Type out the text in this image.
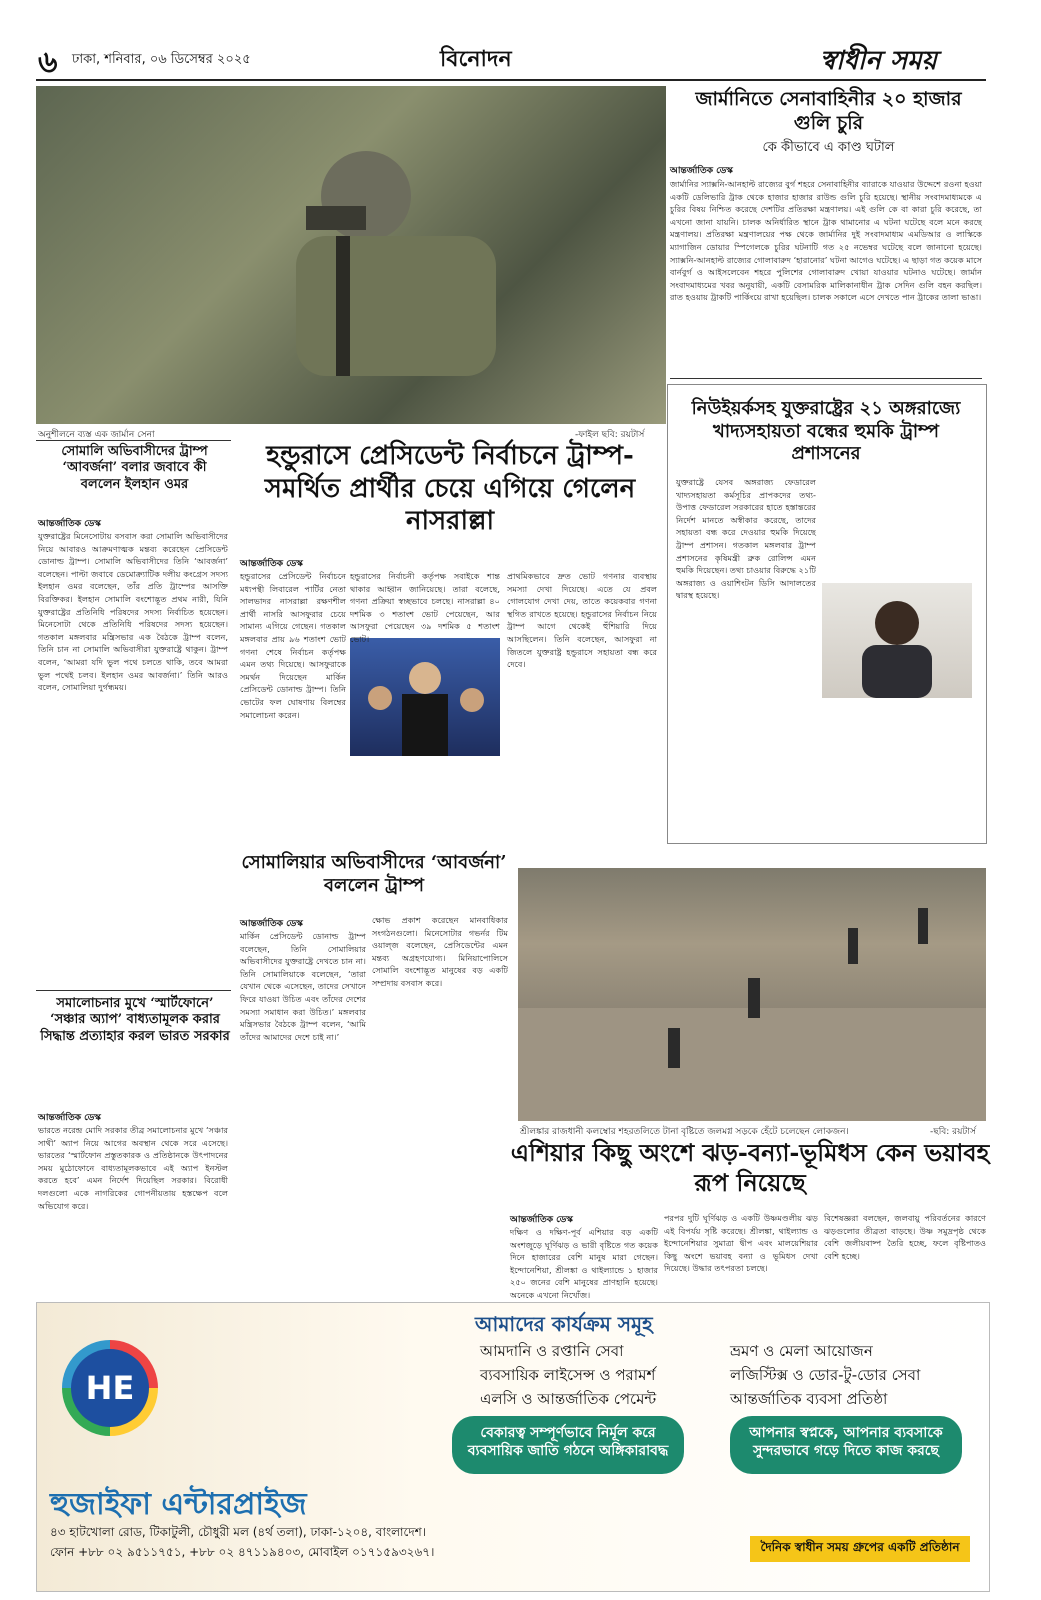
৬ ঢাকা, শনিবার, ০৬ ডিসেম্বর ২০২৫	বিনোদন	স্বাধীন সময়
অনুশীলনে ব্যস্ত এক জার্মান সেনা	-ফাইল ছবি: রয়টার্স
জার্মানিতে সেনাবাহিনীর ২০ হাজার গুলি চুরি
কে কীভাবে এ কাণ্ড ঘটাল
আন্তর্জাতিক ডেস্ক
জার্মানির স্যাক্সনি-আনহাল্ট রাজ্যের বুর্গ শহরে সেনাবাহিনীর ব্যারাকে যাওয়ার উদ্দেশে রওনা হওয়া একটি ডেলিভারি ট্রাক থেকে হাজার হাজার রাউন্ড গুলি চুরি হয়েছে। স্থানীয় সংবাদমাধ্যমকে এ চুরির বিষয় নিশ্চিত করেছে দেশটির প্রতিরক্ষা মন্ত্রণালয়। এই গুলি কে বা কারা চুরি করেছে, তা এখনো জানা যায়নি। চালক অনির্ধারিত স্থানে ট্রাক থামানোর এ ঘটনা ঘটেছে বলে মনে করছে মন্ত্রণালয়। প্রতিরক্ষা মন্ত্রণালয়ের পক্ষ থেকে জার্মানির দুই সংবাদমাধ্যম এমডিআর ও লাস্কিকে ম্যাগাজিন ডোয়ার স্পিগেলকে চুরির ঘটনাটি গত ২৫ নভেম্বর ঘটেছে বলে জানানো হয়েছে। স্যাক্সনি-আনহাল্ট রাজ্যের গোলাবারুদ ‘হারানোর’ ঘটনা আগেও ঘটেছে। এ ছাড়া গত কয়েক মাসে বার্নবুর্গ ও আইসলেবেন শহরে পুলিশের গোলাবারুদ খোয়া যাওয়ার ঘটনাও ঘটেছে। জার্মান সংবাদমাধ্যমের খবর অনুযায়ী, একটি বেসামরিক মালিকানাধীন ট্রাক সেদিন গুলি বহন করছিল। রাত হওয়ায় ট্রাকটি পার্কিংয়ে রাখা হয়েছিল। চালক সকালে এসে দেখতে পান ট্রাকের তালা ভাঙা।
নিউইয়র্কসহ যুক্তরাষ্ট্রের ২১ অঙ্গরাজ্যে খাদ্যসহায়তা বন্ধের হুমকি ট্রাম্প প্রশাসনের
যুক্তরাষ্ট্রে যেসব অঙ্গরাজ্য ফেডারেল খাদ্যসহায়তা কর্মসূচির প্রাপকদের তথ্য-উপাত্ত ফেডারেল সরকারের হাতে হস্তান্তরের নির্দেশ মানতে অস্বীকার করেছে, তাদের সহায়তা বন্ধ করে দেওয়ার হুমকি দিয়েছে ট্রাম্প প্রশাসন। গতকাল মঙ্গলবার ট্রাম্প প্রশাসনের কৃষিমন্ত্রী ব্রুক রোলিন্স এমন হুমকি দিয়েছেন। তথ্য চাওয়ার বিরুদ্ধে ২১টি অঙ্গরাজ্য ও ওয়াশিংটন ডিসি আদালতের দ্বারস্থ হয়েছে।
সোমালি অভিবাসীদের ট্রাম্প ‘আবর্জনা’ বলার জবাবে কী বললেন ইলহান ওমর
আন্তর্জাতিক ডেস্ক
যুক্তরাষ্ট্রের মিনেসোটায় বসবাস করা সোমালি অভিবাসীদের নিয়ে আবারও আক্রমণাত্মক মন্তব্য করেছেন প্রেসিডেন্ট ডোনাল্ড ট্রাম্প। সোমালি অভিবাসীদের তিনি ‘আবর্জনা’ বলেছেন। পাল্টা জবাবে ডেমোক্র্যাটিক দলীয় কংগ্রেস সদস্য ইলহান ওমর বলেছেন, তাঁর প্রতি ট্রাম্পের আসক্তি বিরক্তিকর। ইলহান সোমালি বংশোদ্ভূত প্রথম নারী, যিনি যুক্তরাষ্ট্রের প্রতিনিধি পরিষদের সদস্য নির্বাচিত হয়েছেন। মিনেসোটা থেকে প্রতিনিধি পরিষদের সদস্য হয়েছেন। গতকাল মঙ্গলবার মন্ত্রিসভার এক বৈঠকে ট্রাম্প বলেন, তিনি চান না সোমালি অভিবাসীরা যুক্তরাষ্ট্রে থাকুন। ট্রাম্প বলেন, ‘আমরা যদি ভুল পথে চলতে থাকি, তবে আমরা ভুল পথেই চলব। ইলহান ওমর আবর্জনা।’ তিনি আরও বলেন, সোমালিয়া দুর্গন্ধময়।
সমালোচনার মুখে ‘স্মার্টফোনে’ ‘সঞ্চার অ্যাপ’ বাধ্যতামূলক করার সিদ্ধান্ত প্রত্যাহার করল ভারত সরকার
আন্তর্জাতিক ডেস্ক
ভারতে নরেন্দ্র মোদি সরকার তীব্র সমালোচনার মুখে ‘সঞ্চার সাথী’ অ্যাপ নিয়ে আগের অবস্থান থেকে সরে এসেছে। ভারতের ‘স্মার্টফোন প্রস্তুতকারক ও প্রতিষ্ঠানকে উৎপাদনের সময় মুঠোফোনে বাধ্যতামূলকভাবে এই অ্যাপ ইনস্টল করতে হবে’ এমন নির্দেশ দিয়েছিল সরকার। বিরোধী দলগুলো একে নাগরিকের গোপনীয়তায় হস্তক্ষেপ বলে অভিযোগ করে।
হন্ডুরাসে প্রেসিডেন্ট নির্বাচনে ট্রাম্প-সমর্থিত প্রার্থীর চেয়ে এগিয়ে গেলেন নাসরাল্লা
আন্তর্জাতিক ডেস্ক
হন্ডুরাসের প্রেসিডেন্ট নির্বাচনে মধ্যপন্থী লিবারেল পার্টির নেতা সালভাদর নাসরাল্লা রক্ষণশীল প্রার্থী নাসরি আসফুরার চেয়ে সামান্য এগিয়ে গেছেন। গতকাল মঙ্গলবার প্রায় ৯৬ শতাংশ ভোট গণনা শেষে নির্বাচন কর্তৃপক্ষ এমন তথ্য দিয়েছে। আসফুরাকে সমর্থন দিয়েছেন মার্কিন প্রেসিডেন্ট ডোনাল্ড ট্রাম্প। তিনি ভোটের ফল ঘোষণায় বিলম্বের সমালোচনা করেন।
হন্ডুরাসের নির্বাচনী কর্তৃপক্ষ সবাইকে শান্ত থাকার আহ্বান জানিয়েছে। তারা বলেছে, গণনা প্রক্রিয়া স্বচ্ছভাবে চলছে। নাসরাল্লা ৪০ দশমিক ৩ শতাংশ ভোট পেয়েছেন, আর আসফুরা পেয়েছেন ৩৯ দশমিক ৫ শতাংশ ভোট।
প্রাথমিকভাবে দ্রুত ভোট গণনার ব্যবস্থায় সমস্যা দেখা দিয়েছে। এতে যে প্রবল গোলযোগ দেখা দেয়, তাতে কয়েকবার গণনা স্থগিত রাখতে হয়েছে। হন্ডুরাসের নির্বাচন নিয়ে ট্রাম্প আগে থেকেই হুঁশিয়ারি দিয়ে আসছিলেন। তিনি বলেছেন, আসফুরা না জিতলে যুক্তরাষ্ট্র হন্ডুরাসে সহায়তা বন্ধ করে দেবে।
সোমালিয়ার অভিবাসীদের ‘আবর্জনা’ বললেন ট্রাম্প
আন্তর্জাতিক ডেস্ক
মার্কিন প্রেসিডেন্ট ডোনাল্ড ট্রাম্প বলেছেন, তিনি সোমালিয়ার অভিবাসীদের যুক্তরাষ্ট্রে দেখতে চান না। তিনি সোমালিয়াকে বলেছেন, ‘তারা যেখান থেকে এসেছেন, তাদের সেখানে ফিরে যাওয়া উচিত এবং তাঁদের দেশের সমস্যা সমাধান করা উচিত।’ মঙ্গলবার মন্ত্রিসভার বৈঠকে ট্রাম্প বলেন, ‘আমি তাঁদের আমাদের দেশে চাই না।’
ক্ষোভ প্রকাশ করেছেন মানবাধিকার সংগঠনগুলো। মিনেসোটার গভর্নর টিম ওয়াল্জ বলেছেন, প্রেসিডেন্টের এমন মন্তব্য অগ্রহণযোগ্য। মিনিয়াপোলিসে সোমালি বংশোদ্ভূত মানুষের বড় একটি সম্প্রদায় বসবাস করে।
শ্রীলঙ্কার রাজধানী কলম্বোর শহরতলিতে টানা বৃষ্টিতে জলমগ্ন সড়কে হেঁটে চলেছেন লোকজন।	-ছবি: রয়টার্স
এশিয়ার কিছু অংশে ঝড়-বন্যা-ভূমিধস কেন ভয়াবহ রূপ নিয়েছে
আন্তর্জাতিক ডেস্ক
দক্ষিণ ও দক্ষিণ-পূর্ব এশিয়ার বড় একটি অংশজুড়ে ঘূর্ণিঝড় ও ভারী বৃষ্টিতে গত কয়েক দিনে হাজারের বেশি মানুষ মারা গেছেন। ইন্দোনেশিয়া, শ্রীলঙ্কা ও থাইল্যান্ডে ১ হাজার ২৫০ জনের বেশি মানুষের প্রাণহানি হয়েছে। অনেকে এখনো নিখোঁজ।
পরপর দুটি ঘূর্ণিঝড় ও একটি উষ্ণমণ্ডলীয় ঝড় এই বিপর্যয় সৃষ্টি করেছে। শ্রীলঙ্কা, থাইল্যান্ড ও ইন্দোনেশিয়ার সুমাত্রা দ্বীপ এবং মালয়েশিয়ার কিছু অংশে ভয়াবহ বন্যা ও ভূমিধস দেখা দিয়েছে। উদ্ধার তৎপরতা চলছে।
বিশেষজ্ঞরা বলছেন, জলবায়ু পরিবর্তনের কারণে ঝড়গুলোর তীব্রতা বাড়ছে। উষ্ণ সমুদ্রপৃষ্ঠ থেকে বেশি জলীয়বাষ্প তৈরি হচ্ছে, ফলে বৃষ্টিপাতও বেশি হচ্ছে।
HE
আমাদের কার্যক্রম সমূহ
আমদানি ও রপ্তানি সেবা
ব্যবসায়িক লাইসেন্স ও পরামর্শ
এলসি ও আন্তর্জাতিক পেমেন্ট
ভ্রমণ ও মেলা আয়োজন
লজিস্টিক্স ও ডোর-টু-ডোর সেবা
আন্তর্জাতিক ব্যবসা প্রতিষ্ঠা
বেকারত্ব সম্পূর্ণভাবে নির্মূল করে ব্যবসায়িক জাতি গঠনে অঙ্গিকারাবদ্ধ
আপনার স্বপ্নকে, আপনার ব্যবসাকে সুন্দরভাবে গড়ে দিতে কাজ করছে
হুজাইফা এন্টারপ্রাইজ
৪৩ হাটখোলা রোড, টিকাটুলী, চৌধুরী মল (৪র্থ তলা), ঢাকা-১২০৪, বাংলাদেশ।
ফোন +৮৮ ০২ ৯৫১১৭৫১, +৮৮ ০২ ৪৭১১৯৪০৩, মোবাইল ০১৭১৫৯৩২৬৭।	দৈনিক স্বাধীন সময় গ্রুপের একটি প্রতিষ্ঠান
